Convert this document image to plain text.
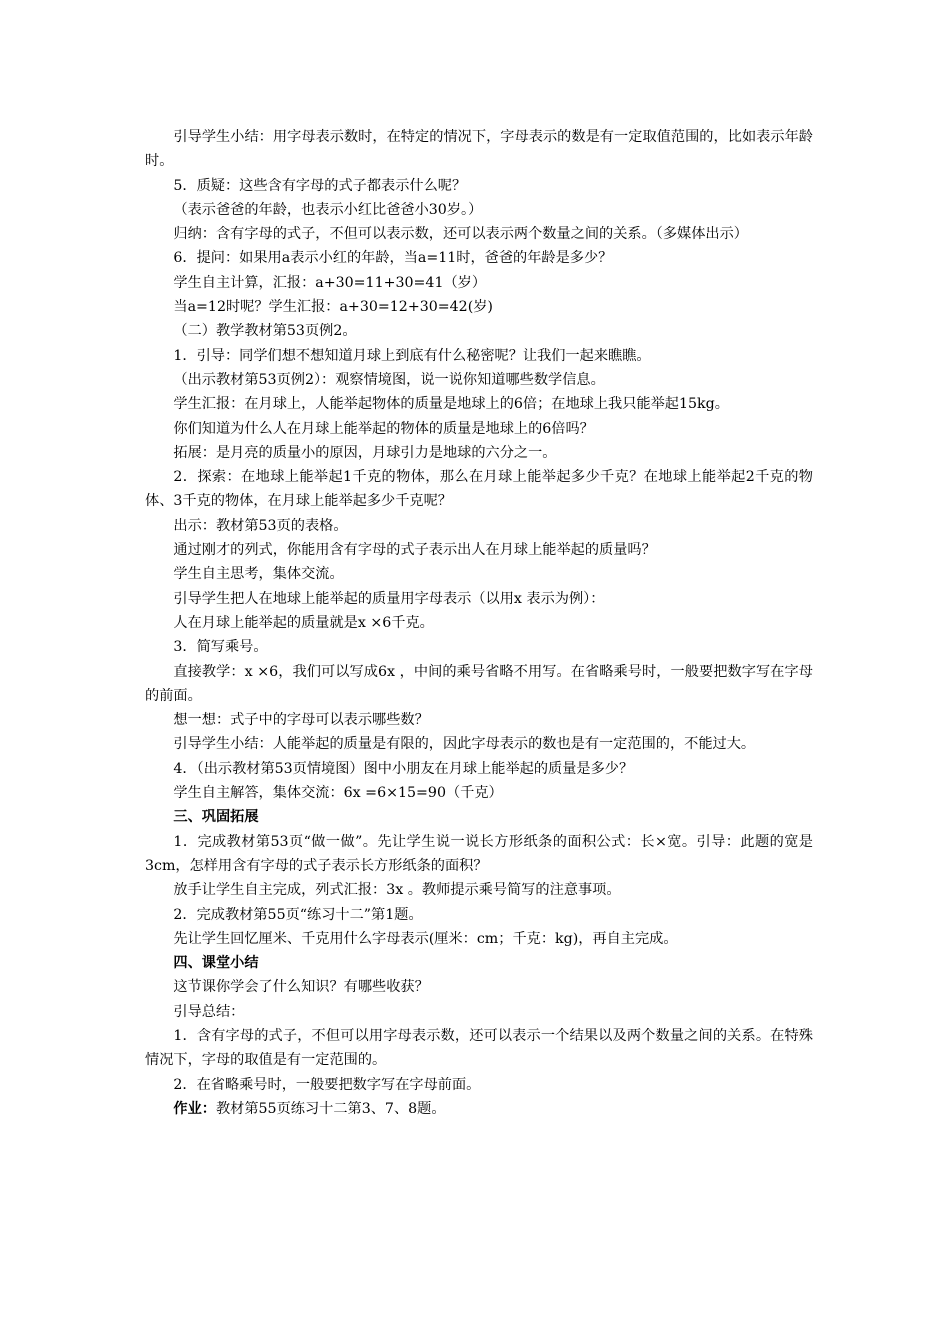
引导学生小结：用字母表示数时，在特定的情况下，字母表示的数是有一定取值范围的，比如表示年龄时。

5．质疑：这些含有字母的式子都表示什么呢？

（表示爸爸的年龄，也表示小红比爸爸小30岁。）

归纳：含有字母的式子，不但可以表示数，还可以表示两个数量之间的关系。（多媒体出示）

6．提问：如果用a表示小红的年龄，当a=11时，爸爸的年龄是多少？

学生自主计算，汇报：a+30=11+30=41（岁）

当a=12时呢？学生汇报：a+30=12+30=42(岁)

（二）教学教材第53页例2。

1．引导：同学们想不想知道月球上到底有什么秘密呢？让我们一起来瞧瞧。

（出示教材第53页例2）：观察情境图，说一说你知道哪些数学信息。

学生汇报：在月球上，人能举起物体的质量是地球上的6倍；在地球上我只能举起15kg。

你们知道为什么人在月球上能举起的物体的质量是地球上的6倍吗？

拓展：是月亮的质量小的原因，月球引力是地球的六分之一。

2．探索：在地球上能举起1千克的物体，那么在月球上能举起多少千克？在地球上能举起2千克的物体、3千克的物体，在月球上能举起多少千克呢？

出示：教材第53页的表格。

通过刚才的列式，你能用含有字母的式子表示出人在月球上能举起的质量吗？

学生自主思考，集体交流。

引导学生把人在地球上能举起的质量用字母表示（以用x 表示为例）：

人在月球上能举起的质量就是x ×6千克。

3．简写乘号。

直接教学：x ×6，我们可以写成6x ，中间的乘号省略不用写。在省略乘号时，一般要把数字写在字母的前面。

想一想：式子中的字母可以表示哪些数？

引导学生小结：人能举起的质量是有限的，因此字母表示的数也是有一定范围的，不能过大。

4．（出示教材第53页情境图）图中小朋友在月球上能举起的质量是多少？

学生自主解答，集体交流：6x =6×15=90（千克）

三、巩固拓展

1．完成教材第53页“做一做”。先让学生说一说长方形纸条的面积公式：长×宽。引导：此题的宽是3cm，怎样用含有字母的式子表示长方形纸条的面积？

放手让学生自主完成，列式汇报：3x 。教师提示乘号简写的注意事项。

2．完成教材第55页“练习十二”第1题。

先让学生回忆厘米、千克用什么字母表示(厘米：cm；千克：kg)，再自主完成。

四、课堂小结

这节课你学会了什么知识？有哪些收获？

引导总结：

1．含有字母的式子，不但可以用字母表示数，还可以表示一个结果以及两个数量之间的关系。在特殊情况下，字母的取值是有一定范围的。

2．在省略乘号时，一般要把数字写在字母前面。

作业：教材第55页练习十二第3、7、8题。
